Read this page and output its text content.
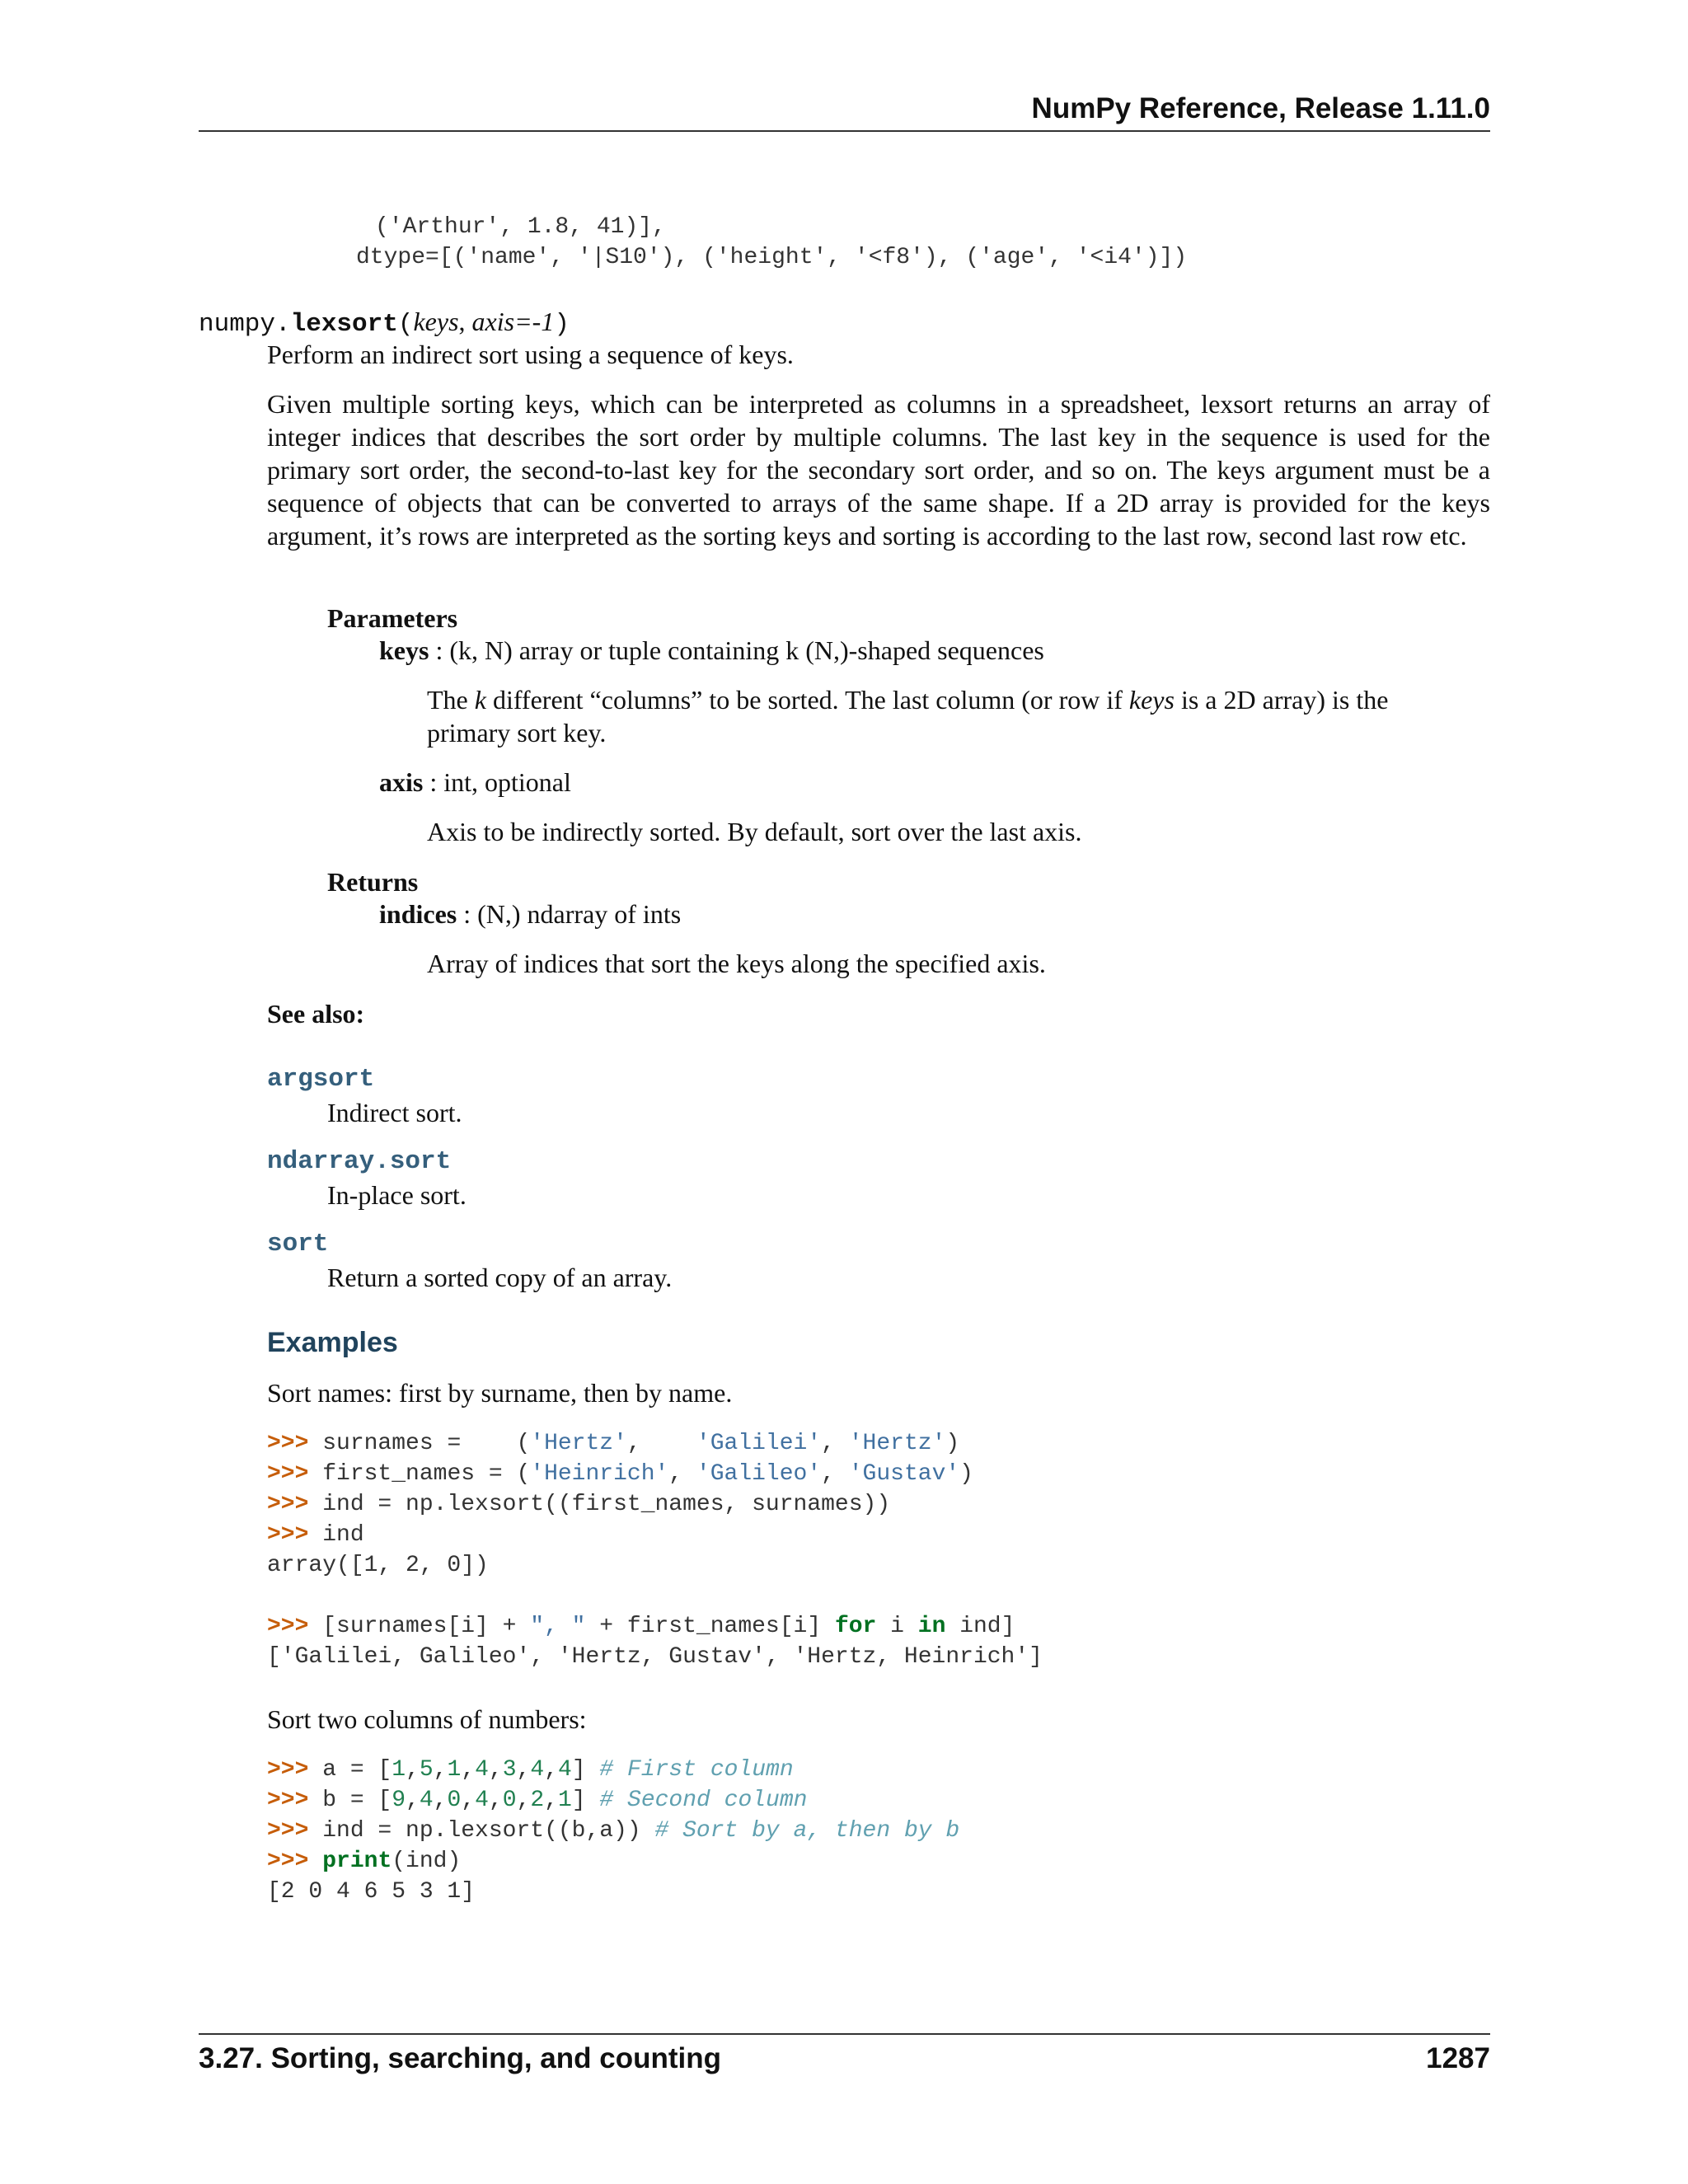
NumPy Reference, Release 1.11.0
('Arthur', 1.8, 41)],
dtype=[('name', '|S10'), ('height', '<f8'), ('age', '<i4')])
numpy.lexsort(keys, axis=-1)
Perform an indirect sort using a sequence of keys.
Given multiple sorting keys, which can be interpreted as columns in a spreadsheet, lexsort returns an array of integer indices that describes the sort order by multiple columns. The last key in the sequence is used for the primary sort order, the second-to-last key for the secondary sort order, and so on. The keys argument must be a sequence of objects that can be converted to arrays of the same shape. If a 2D array is provided for the keys argument, it’s rows are interpreted as the sorting keys and sorting is according to the last row, second last row etc.
Parameters
keys : (k, N) array or tuple containing k (N,)-shaped sequences
The k different “columns” to be sorted. The last column (or row if keys is a 2D array) is the primary sort key.
axis : int, optional
Axis to be indirectly sorted. By default, sort over the last axis.
Returns
indices : (N,) ndarray of ints
Array of indices that sort the keys along the specified axis.
See also:
argsort
Indirect sort.
ndarray.sort
In-place sort.
sort
Return a sorted copy of an array.
Examples
Sort names: first by surname, then by name.
>>> surnames =    ('Hertz',    'Galilei', 'Hertz')
>>> first_names = ('Heinrich', 'Galileo', 'Gustav')
>>> ind = np.lexsort((first_names, surnames))
>>> ind
array([1, 2, 0])
>>> [surnames[i] + ", " + first_names[i] for i in ind]
['Galilei, Galileo', 'Hertz, Gustav', 'Hertz, Heinrich']
Sort two columns of numbers:
>>> a = [1,5,1,4,3,4,4] # First column
>>> b = [9,4,0,4,0,2,1] # Second column
>>> ind = np.lexsort((b,a)) # Sort by a, then by b
>>> print(ind)
[2 0 4 6 5 3 1]
3.27. Sorting, searching, and counting	1287
